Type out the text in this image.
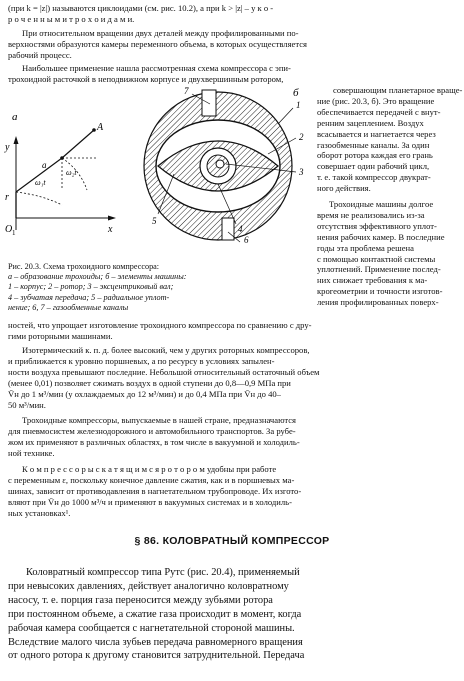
(при k = |z|) называются циклоидами (см. рис. 10.2), а при k > |z| – у к о -
р о ч е н н ы м и т р о х о и д а м и.
При относительном вращении двух деталей между профилированными по-
верхностями образуются камеры переменного объема, в которых осуществляется
рабочий процесс.
Наибольшее применение нашла рассмотренная схема компрессора с эпи-
трохоидной расточкой в неподвижном корпусе и двухвершинным ротором,
совершающим планетарное враще-
ние (рис. 20.3, б). Это вращение
обеспечивается передачей с внут-
ренним зацеплением. Воздух
всасывается и нагнетается через
газообменные каналы. За один
оборот ротора каждая его грань
совершает один рабочий цикл,
т. е. такой компрессор двукрат-
ного действия.
Трохоидные машины долгое
время не реализовались из-за
отсутствия эффективного уплот-
нения рабочих камер. В последние
годы эта проблема решена
с помощью контактной системы
уплотнений. Применение послед-
них снижает требования к ма-
крогеометрии и точности изготов-
ления профилированных поверх-
а
y
x
O 1
r
A
a
ω₁t
ω₂t
б
1
2
3
4
5
6
7
Рис. 20.3. Схема трохоидного компрессора:
а – образование трохоиды; б – элементы машины:
1 – корпус; 2 – ротор; 3 – эксцентриковый вал;
4 – зубчатая передача; 5 – радиальное уплот-
нение; 6, 7 – газообменные каналы
ностей, что упрощает изготовление трохоидного компрессора по сравнению с дру-
гими роторными машинами.
Изотермический к. п. д. более высокий, чем у других роторных компрессоров,
и приближается к уровню поршневых, а по ресурсу в условиях запылен-
ности воздуха превышают последние. Небольшой относительный остаточный объем
(менее 0,01) позволяет сжимать воздух в одной ступени до 0,8—0,9 МПа при
V̄н до 1 м³/мин (у охлаждаемых до 12 м³/мин) и до 0,4 МПа при V̄н до 40–
50 м³/мин.
Трохоидные компрессоры, выпускаемые в нашей стране, предназначаются
для пневмосистем железнодорожного и автомобильного транспортов. За рубе-
жом их применяют в различных областях, в том числе в вакуумной и холодиль-
ной технике.
К о м п р е с с о р ы с к а т я щ и м с я р о т о р о м удобны при работе
с переменным ε, поскольку конечное давление сжатия, как и в поршневых ма-
шинах, зависит от противодавления в нагнетательном трубопроводе. Их изгото-
вляют при V̄н до 1000 м³/ч и применяют в вакуумных системах и в холодиль-
ных установках¹.
§ 86. КОЛОВРАТНЫЙ КОМПРЕССОР
Коловратный компрессор типа Рутс (рис. 20.4), применяемый
при невысоких давлениях, действует аналогично коловратному
насосу, т. е. порция газа переносится между зубьями ротора
при постоянном объеме, а сжатие газа происходит в момент, когда
рабочая камера сообщается с нагнетательной стороной машины.
Вследствие малого числа зубьев передача равномерного вращения
от одного ротора к другому становится затруднительной. Передача
